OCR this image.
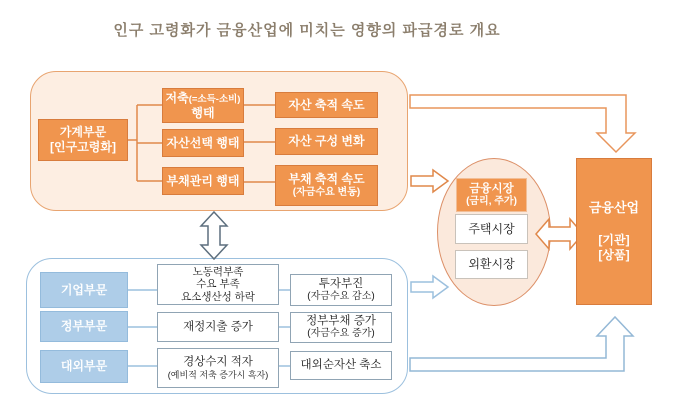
인구 고령화가 금융산업에 미치는 영향의 파급경로 개요
가계부문
[인구고령화]
저축(=소득-소비)
행태
자산선택 행태
부채관리 행태
자산 축적 속도
자산 구성 변화
부채 축적 속도
(자금수요 변동)	금융시장
(금리, 주가)
주택시장
외환시장
금융산업
[기관]
[상품]
기업부문
정부부문
대외부문
노동력부족
수요 부족
요소생산성 하락
재정지출 증가
경상수지 적자
(예비적 저축 증가시 흑자)
투자부진
(자금수요 감소)
정부부채 증가
(자금수요 증가)
대외순자산 축소
